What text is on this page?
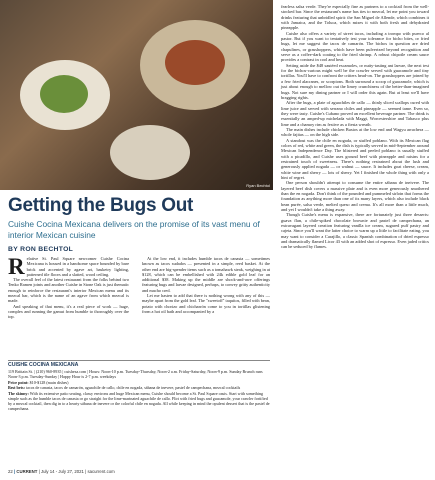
Ryan Bechtol
Getting the Bugs Out

Cuishe Cocina Mexicana delivers on the promise of its vast menu of interior Mexican cuisine

BY RON BECHTOL
R elative St. Paul Square newcomer Cuishe Cocina Mexicana is housed in a handsome space bounded by bare brick and accented by agave art, basketry lighting, patterned tile floors and a slatted, wood ceiling.

The overall feel of the latest restaurant from the folks behind two Tenko Ramen joints and another Cuishe in Stone Oak is just thematic enough to reinforce the restaurant's interior Mexican menu and its mezcal bar, which is the name of an agave from which mezcal is made.

And speaking of that menu, it's a real piece of work — huge, complex and running the gamut from humble to thoroughly over the top.

At the low end, it includes humble tacos de canasta — sometimes known as tacos sudados — presented in a simple, reed basket. At the other end are big-spender items such as a tomahawk steak, weighing in at $128, which can be embellished with 24k edible gold leaf for an additional $38. Making up the middle are shock-and-awe offerings featuring bugs and larvae designed, perhaps, to convey gritty authenticity and macho cred.

Let me hasten to add that there is nothing wrong with any of this — maybe apart from the gold leaf. The "sweetoff" taquitos, filled with bean, potato with chorizo and chicharrón come to you in tortillas glistening from a hot oil bath and accompanied by a

fearless salsa verde. They're especially fine as partners to a cocktail from the well-stocked bar. Since the restaurant's name has ties to mezcal, let me point you toward drinks featuring that unbridled spirit: the San Miguel de Allende, which combines it with Jamaica, and the Toluca, which mixes it with both fresh and dehydrated pineapple.

Cuishe also offers a variety of street tacos, including a trompo with puerco al pastor. But if you want to tentatively test your tolerance for bicho bites, or fried bugs, let me suggest the tacos de camarón. The bichos in question are dried chapulines, or grasshoppers, which have been pulverized beyond recognition and serve as a coffee-dark coating to the fried shrimp. A robust chipotle cream sauce provides a contrast in cool and heat.

Setting aside the $48 sautéed escamoles, or nutty-tasting ant larvae, the next test for the bichos-curious might well be the crawler served with guacamole and tiny tortillas. You'll have to confront the critters head-on. The grasshoppers are joined by a few fried alacranes, or scorpions. Both surround a scoop of guacamole, which is just about enough to mellow out the limey crunchiness of the better-than-imagined bugs. Not sure my dining partner or I will order this again. But at least we'll have bragging rights.

After the bugs, a plate of aguachiles de callo — thinly sliced scallops cured with lime juice and served with serrano chiles and pineapple — seemed tame. Even so, they were tasty. Cuishe's Cubano proved an excellent beverage partner. The drink is essentially an amped-up michelada with Maggi, Worcestershire and Tabasco plus lime and a chamoy rim as festive as a fiesta wreath.

The main dishes include chicken Bustos at the low end and Wagyu arrachera — whole fajitas — on the high side.

A standout was the chile en nogada, or stuffed poblano. With its Mexican flag colors of red, white and green, the dish is typically served in mid-September around Mexican Independence Day. The blistered and peeled poblano is usually stuffed with a picadillo, and Cuishe uses ground beef with pineapple and raisins for a restrained touch of sweetness. There's nothing restrained about the lush and generously applied nogada — or walnut — sauce. It includes goat cheese, cream, white wine and sherry — lots of sherry. Yet I finished the whole thing with only a hint of regret.

One person shouldn't attempt to consume the entire sábana de ineivere. The layered beef dish covers a massive plate and is even more generously smothered than the en nogada. Don't think of the pounded and pummeled sirloin that forms the foundation as anything more than one of its many layers, which also include black bean purée, salsa verde, melted queso and crema. It's all more than a little much, and yet I wouldn't take a thing away.

Though Cuishe's menu is expansive, there are fortunately just three desserts: guava flan, a chile-spiked chocolate brownie and pastel de campechana, an extravagant layered creation featuring vanilla ice cream, sugared puff pastry and cajeta. Since you'll want the latter choice to warm up a little to facilitate eating, you may want to consider a Carajillo, a classic Spanish combination of dried espresso and dramatically flamed Licor 43 with an added shot of espresso. Even jaded critics can be seduced by flames.

CUISHE COCINA MEXICANA
119 Brittain St. | (210) 960-8935 | cuishesa.com | Hours: Noon-10 p.m. Tuesday-Thursday, Noon-2 a.m. Friday-Saturday, Noon-9 p.m. Sunday Brunch runs Noon-3 p.m. Tuesday-Sunday | Happy Hour is 2-7 p.m. weekdays
Price point: $10-$128 (main dishes)
Best bets: tacos de canasta, tacos de camarón, aguachile de callo, chile en nogada, sábana de inevere, pastel de campechana, mezcal cocktails
The skinny: With its extensive patio seating, classy environs and huge Mexican menu, Cuishe should become a St. Paul Square oasis. Start with something simple such as the humble tacos de canasta or go straight for the lime-marinated aguachile de callo. Flirt with fried bugs and guacamole, your crawler fortified by a mezcal cocktail, then dig in to a hearty sábana de inevere or the colorful chile en nogada. All while keeping in mind the opulent dessert that is the pastel de campechana.
22 | CURRENT | July 14 - July 27, 2021 | sacurrent.com
